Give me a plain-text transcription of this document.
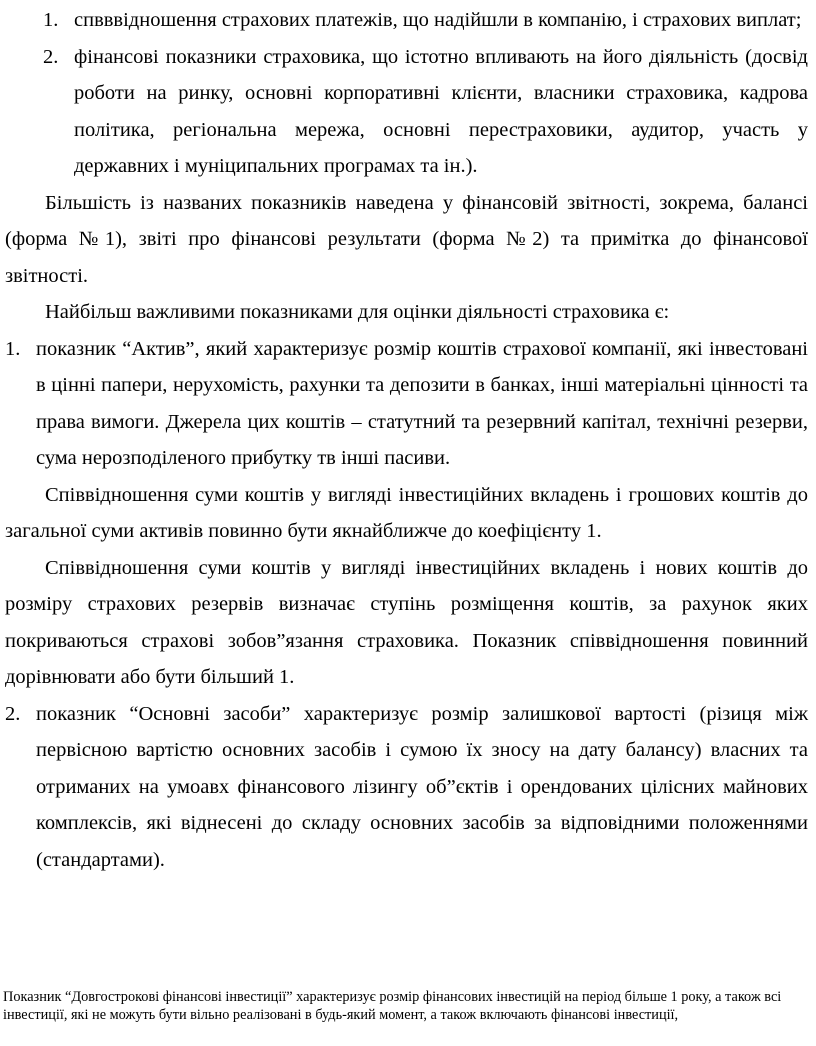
1. спвввідношення страхових платежів, що надійшли в компанію, і страхових виплат;
2. фінансові показники страховика, що істотно впливають на його діяльність (досвід роботи на ринку, основні корпоративні клієнти, власники страховика, кадрова політика, регіональна мережа, основні перестраховики, аудитор, участь у державних і муніципальних програмах та ін.).

Більшість із названих показників наведена у фінансовій звітності, зокрема, балансі (форма №1), звіті про фінансові результати (форма №2) та примітка до фінансової звітності.

Найбільш важливими показниками для оцінки діяльності страховика є:

1. показник “Актив”, який характеризує розмір коштів страхової компанії, які інвестовані в цінні папери, нерухомість, рахунки та депозити в банках, інші матеріальні цінності та права вимоги. Джерела цих коштів – статутний та резервний капітал, технічні резерви, сума нерозподіленого прибутку тв інші пасиви.

Співвідношення суми коштів у вигляді інвестиційних вкладень і грошових коштів до загальної суми активів повинно бути якнайближче до коефіцієнту 1.

Співвідношення суми коштів у вигляді інвестиційних вкладень і нових коштів до розміру страхових резервів визначає ступінь розміщення коштів, за рахунок яких покриваються страхові зобов”язання страховика. Показник співвідношення повинний дорівнювати або бути більший 1.

2. показник “Основні засоби” характеризує розмір залишкової вартості (різиця між первісною вартістю основних засобів і сумою їх зносу на дату балансу) власних та отриманих на умоавх фінансового лізингу об”єктів і орендованих цілісних майнових комплексів, які віднесені до складу основних засобів за відповідними положеннями (стандартами).
Показник “Довгострокові фінансові інвестиції” характеризує розмір фінансових інвестицій на період більше 1 року, а також всі інвестиції, які не можуть бути вільно реалізовані в будь-який момент, а також включають фінансові інвестиції,
